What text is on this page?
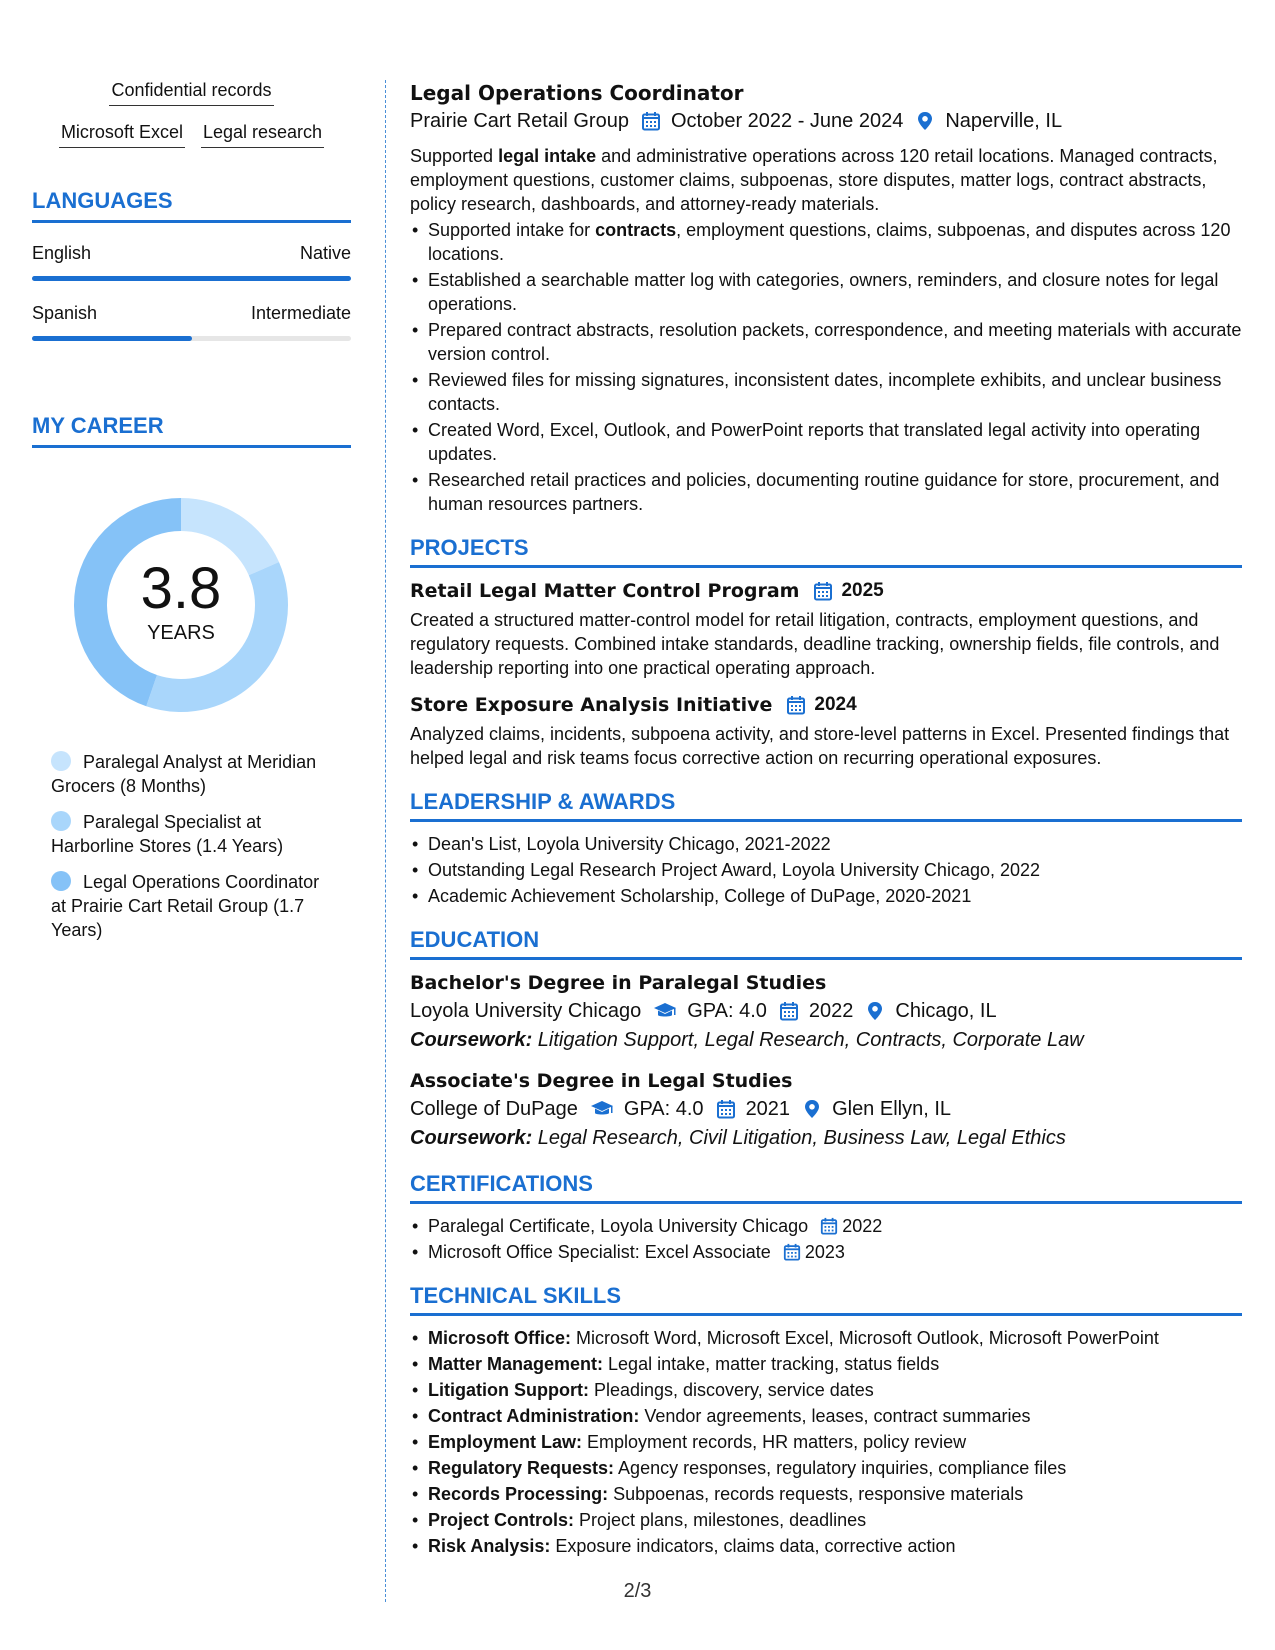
Confidential records
Microsoft Excel Legal research
LANGUAGES
English	Native
Spanish	Intermediate
MY CAREER
3.8
YEARS
Paralegal Analyst at Meridian Grocers (8 Months)
Paralegal Specialist at Harborline Stores (1.4 Years)
Legal Operations Coordinator at Prairie Cart Retail Group (1.7 Years)
Legal Operations Coordinator
Prairie Cart Retail Group October 2022 - June 2024 Naperville, IL

Supported legal intake and administrative operations across 120 retail locations. Managed contracts, employment questions, customer claims, subpoenas, store disputes, matter logs, contract abstracts, policy research, dashboards, and attorney-ready materials.

• Supported intake for contracts, employment questions, claims, subpoenas, and disputes across 120 locations.
• Established a searchable matter log with categories, owners, reminders, and closure notes for legal operations.
• Prepared contract abstracts, resolution packets, correspondence, and meeting materials with accurate version control.
• Reviewed files for missing signatures, inconsistent dates, incomplete exhibits, and unclear business contacts.
• Created Word, Excel, Outlook, and PowerPoint reports that translated legal activity into operating updates.
• Researched retail practices and policies, documenting routine guidance for store, procurement, and human resources partners.
PROJECTS
Retail Legal Matter Control Program 2025
Created a structured matter-control model for retail litigation, contracts, employment questions, and regulatory requests. Combined intake standards, deadline tracking, ownership fields, file controls, and leadership reporting into one practical operating approach.
Store Exposure Analysis Initiative 2024
Analyzed claims, incidents, subpoena activity, and store-level patterns in Excel. Presented findings that helped legal and risk teams focus corrective action on recurring operational exposures.
LEADERSHIP & AWARDS
• Dean's List, Loyola University Chicago, 2021-2022
• Outstanding Legal Research Project Award, Loyola University Chicago, 2022
• Academic Achievement Scholarship, College of DuPage, 2020-2021
EDUCATION
Bachelor's Degree in Paralegal Studies
Loyola University Chicago GPA: 4.0 2022 Chicago, IL
Coursework: Litigation Support, Legal Research, Contracts, Corporate Law
Associate's Degree in Legal Studies
College of DuPage GPA: 4.0 2021 Glen Ellyn, IL
Coursework: Legal Research, Civil Litigation, Business Law, Legal Ethics
CERTIFICATIONS
• Paralegal Certificate, Loyola University Chicago 2022
• Microsoft Office Specialist: Excel Associate 2023
TECHNICAL SKILLS
• Microsoft Office: Microsoft Word, Microsoft Excel, Microsoft Outlook, Microsoft PowerPoint
• Matter Management: Legal intake, matter tracking, status fields
• Litigation Support: Pleadings, discovery, service dates
• Contract Administration: Vendor agreements, leases, contract summaries
• Employment Law: Employment records, HR matters, policy review
• Regulatory Requests: Agency responses, regulatory inquiries, compliance files
• Records Processing: Subpoenas, records requests, responsive materials
• Project Controls: Project plans, milestones, deadlines
• Risk Analysis: Exposure indicators, claims data, corrective action
2/3
